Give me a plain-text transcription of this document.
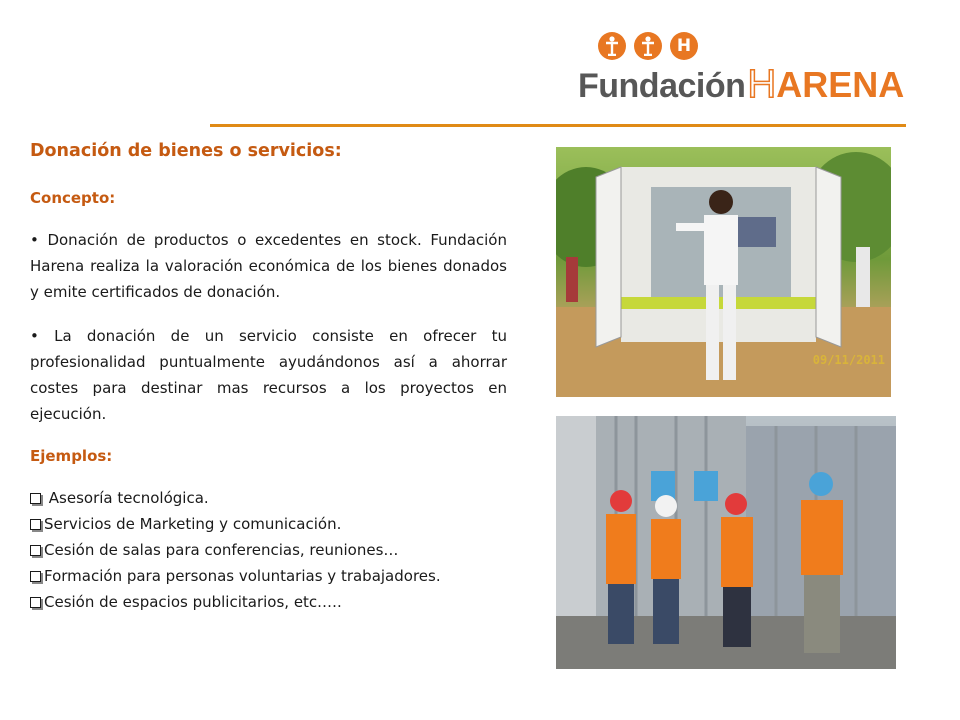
H
FundaciónHARENA
Donación de bienes o servicios:

Concepto:

• Donación de productos o excedentes en stock. Fundación Harena realiza la valoración económica de los bienes donados y emite certificados de donación.

• La donación de un servicio consiste en ofrecer tu profesionalidad puntualmente ayudándonos así a ahorrar costes para destinar mas recursos a los proyectos en ejecución.

Ejemplos:

Asesoría tecnológica.
Servicios de Marketing y comunicación.
Cesión de salas para conferencias, reuniones…
Formación para personas voluntarias y trabajadores.
Cesión de espacios publicitarios, etc.….
09/11/2011
